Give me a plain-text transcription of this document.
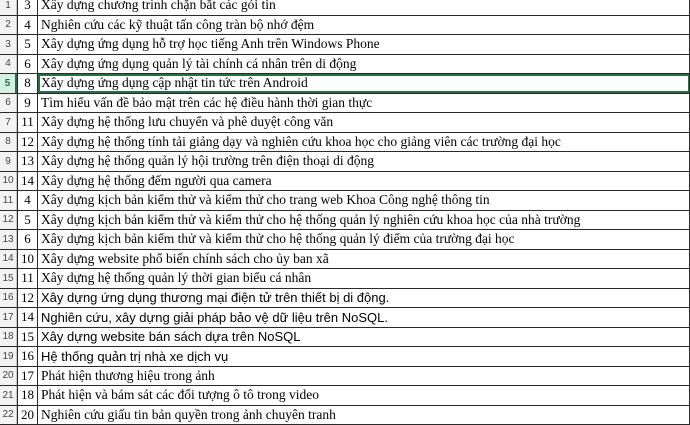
1	3 Xây dựng chương trình chặn bắt các gói tin
2	4 Nghiên cứu các kỹ thuật tấn công tràn bộ nhớ đệm
3	5 Xây dựng ứng dụng hỗ trợ học tiếng Anh trên Windows Phone
4	6 Xây dựng ứng dụng quản lý tài chính cá nhân trên di động
5	8 Xây dựng ứng dụng cập nhật tin tức trên Android
6	9 Tìm hiểu vấn đề bảo mật trên các hệ điều hành thời gian thực
7 11 Xây dựng hệ thống lưu chuyển và phê duyệt công văn
8 12 Xây dựng hệ thống tính tải giảng dạy và nghiên cứu khoa học cho giảng viên các trường đại học
9 13 Xây dựng hệ thống quản lý hội trường trên điện thoại di động
10 14 Xây dựng hệ thống đếm người qua camera
11 4 Xây dựng kịch bản kiểm thử và kiểm thử cho trang web Khoa Công nghệ thông tin
12 5 Xây dựng kịch bản kiểm thử và kiểm thử cho hệ thống quản lý nghiên cứu khoa học của nhà trường
13 6 Xây dựng kịch bản kiểm thử và kiểm thử cho hệ thống quản lý điểm của trường đại học
14 10 Xây dựng website phổ biến chính sách cho ủy ban xã
15 11 Xây dựng hệ thống quản lý thời gian biểu cá nhân
16 12 Xây dựng ứng dụng thương mại điện tử trên thiết bị di động.
17 14 Nghiên cứu, xây dựng giải pháp bảo vệ dữ liệu trên NoSQL.
18 15 Xây dựng website bán sách dựa trên NoSQL
19 16 Hệ thống quản trị nhà xe dịch vụ
20 17 Phát hiện thương hiệu trong ảnh
21 18 Phát hiện và bám sát các đối tượng ô tô trong video
22 20 Nghiên cứu giấu tin bản quyền trong ảnh chuyên tranh
